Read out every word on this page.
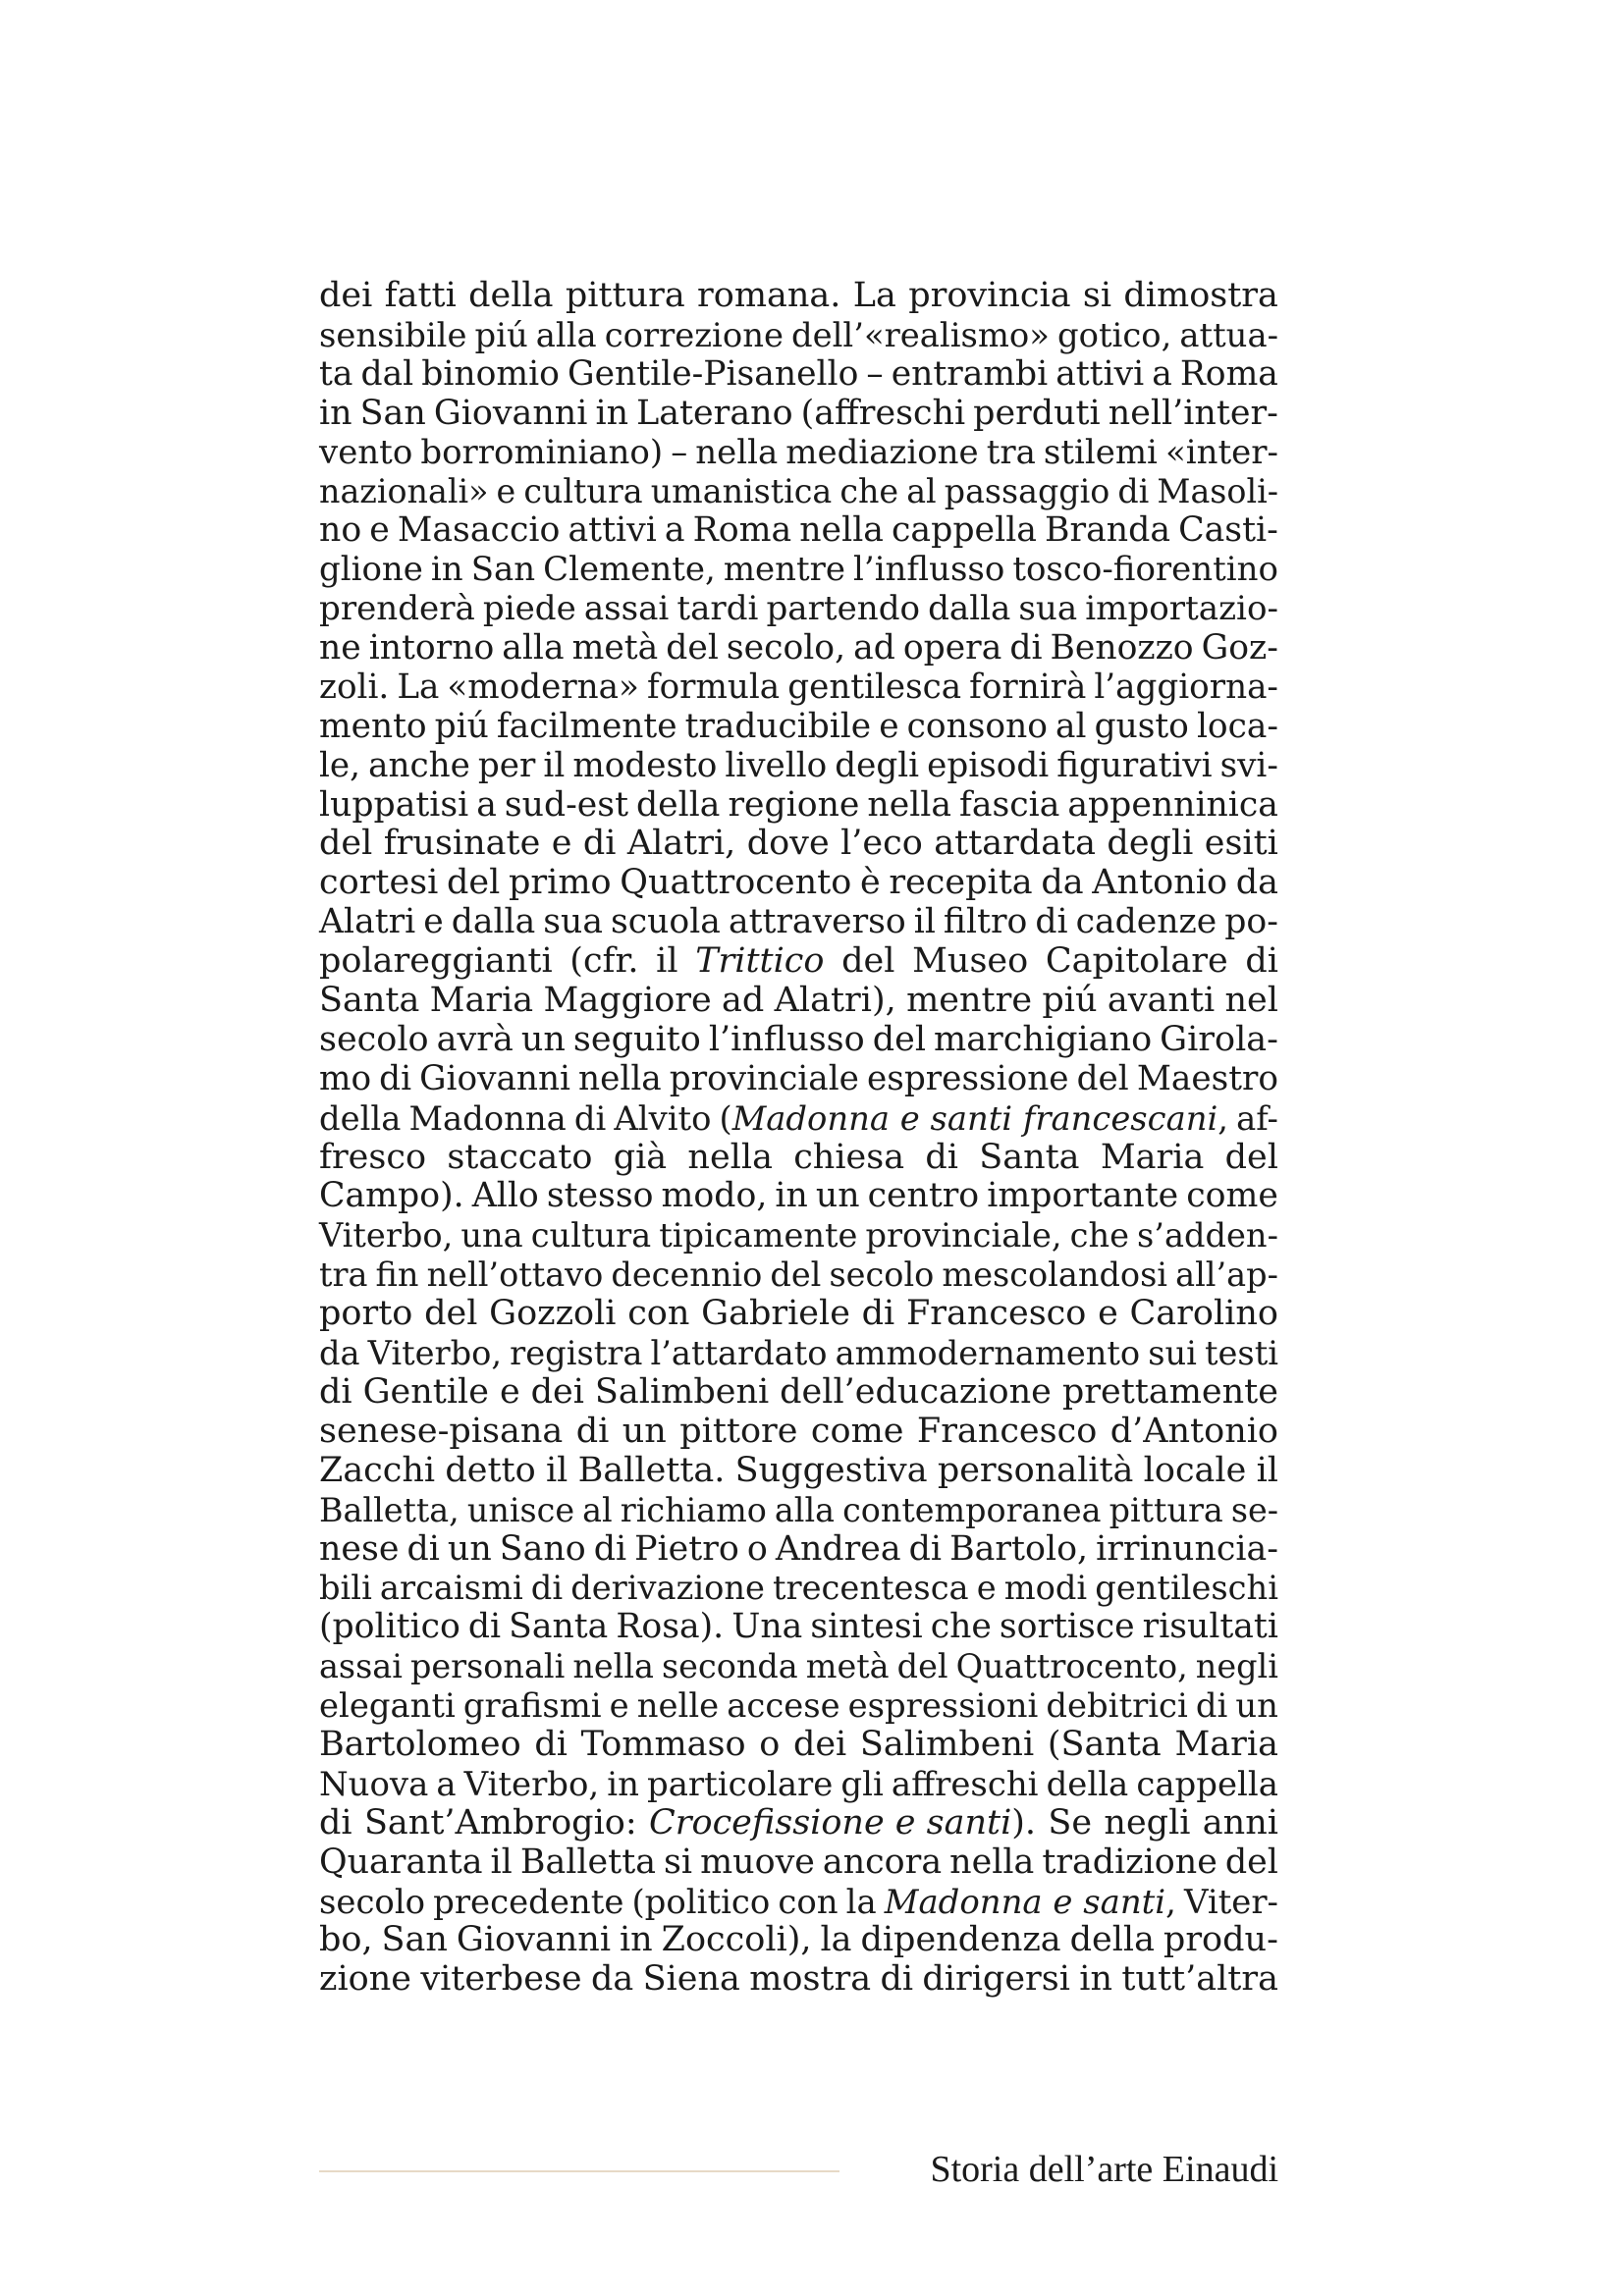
dei fatti della pittura romana. La provincia si dimostra
sensibile piú alla correzione dell’«realismo» gotico, attua-
ta dal binomio Gentile-Pisanello – entrambi attivi a Roma
in San Giovanni in Laterano (affreschi perduti nell’inter-
vento borrominiano) – nella mediazione tra stilemi «inter-
nazionali» e cultura umanistica che al passaggio di Masoli-
no e Masaccio attivi a Roma nella cappella Branda Casti-
glione in San Clemente, mentre l’influsso tosco-fiorentino
prenderà piede assai tardi partendo dalla sua importazio-
ne intorno alla metà del secolo, ad opera di Benozzo Goz-
zoli. La «moderna» formula gentilesca fornirà l’aggiorna-
mento piú facilmente traducibile e consono al gusto loca-
le, anche per il modesto livello degli episodi figurativi svi-
luppatisi a sud-est della regione nella fascia appenninica
del frusinate e di Alatri, dove l’eco attardata degli esiti
cortesi del primo Quattrocento è recepita da Antonio da
Alatri e dalla sua scuola attraverso il filtro di cadenze po-
polareggianti (cfr. il Trittico del Museo Capitolare di
Santa Maria Maggiore ad Alatri), mentre piú avanti nel
secolo avrà un seguito l’influsso del marchigiano Girola-
mo di Giovanni nella provinciale espressione del Maestro
della Madonna di Alvito (Madonna e santi francescani, af-
fresco staccato già nella chiesa di Santa Maria del
Campo). Allo stesso modo, in un centro importante come
Viterbo, una cultura tipicamente provinciale, che s’adden-
tra fin nell’ottavo decennio del secolo mescolandosi all’ap-
porto del Gozzoli con Gabriele di Francesco e Carolino
da Viterbo, registra l’attardato ammodernamento sui testi
di Gentile e dei Salimbeni dell’educazione prettamente
senese-pisana di un pittore come Francesco d’Antonio
Zacchi detto il Balletta. Suggestiva personalità locale il
Balletta, unisce al richiamo alla contemporanea pittura se-
nese di un Sano di Pietro o Andrea di Bartolo, irrinuncia-
bili arcaismi di derivazione trecentesca e modi gentileschi
(politico di Santa Rosa). Una sintesi che sortisce risultati
assai personali nella seconda metà del Quattrocento, negli
eleganti grafismi e nelle accese espressioni debitrici di un
Bartolomeo di Tommaso o dei Salimbeni (Santa Maria
Nuova a Viterbo, in particolare gli affreschi della cappella
di Sant’Ambrogio: Crocefissione e santi). Se negli anni
Quaranta il Balletta si muove ancora nella tradizione del
secolo precedente (politico con la Madonna e santi, Viter-
bo, San Giovanni in Zoccoli), la dipendenza della produ-
zione viterbese da Siena mostra di dirigersi in tutt’altra
Storia dell’arte Einaudi
